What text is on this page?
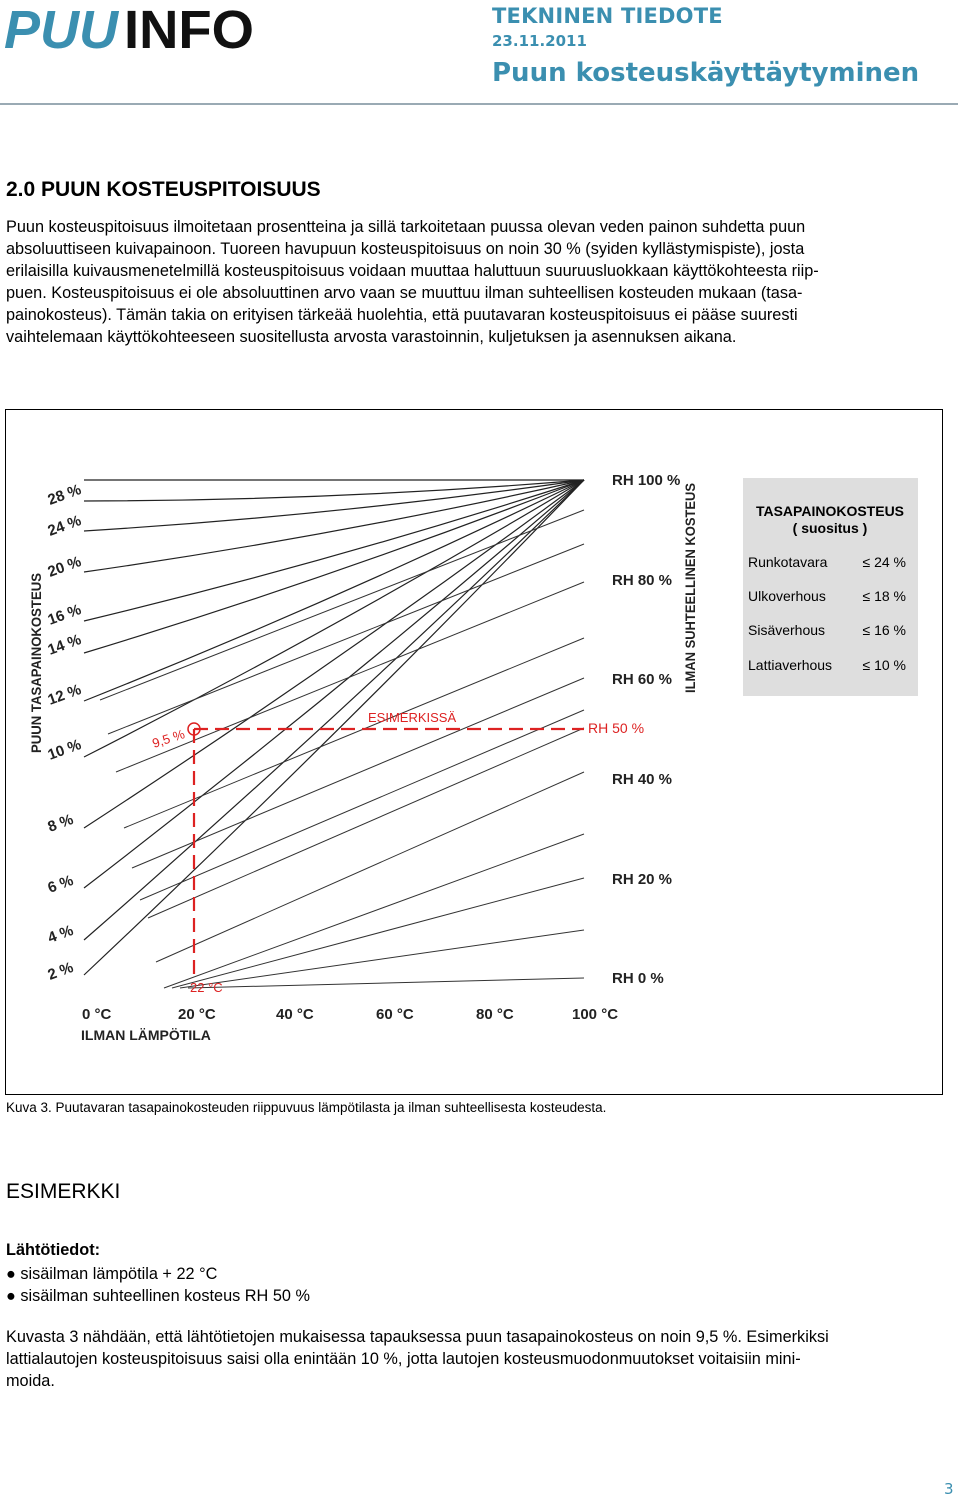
PUU INFO	TEKNINEN TIEDOTE
23.11.2011
Puun kosteuskäyttäytyminen
2.0 PUUN KOSTEUSPITOISUUS

Puun kosteuspitoisuus ilmoitetaan prosentteina ja sillä tarkoitetaan puussa olevan veden painon suhdetta puun
absoluuttiseen kuivapainoon. Tuoreen havupuun kosteuspitoisuus on noin 30 % (syiden kyllästymispiste), josta
erilaisilla kuivausmenetelmillä kosteuspitoisuus voidaan muuttaa haluttuun suuruusluokkaan käyttökohteesta riip-
puen. Kosteuspitoisuus ei ole absoluuttinen arvo vaan se muuttuu ilman suhteellisen kosteuden mukaan (tasa-
painokosteus). Tämän takia on erityisen tärkeää huolehtia, että puutavaran kosteuspitoisuus ei pääse suuresti
vaihtelemaan käyttökohteeseen suositellusta arvosta varastoinnin, kuljetuksen ja asennuksen aikana.

2 %
4 %
6 %
8 %
10 %
12 %
14 %
16 %
20 %
24 %
28 %
0 °C	20 °C	40 °C	60 °C	80 °C	100 °C
RH 100 %
RH 80 %
RH 60 %
RH 40 %
RH 20 %
RH 0 %
PUUN TASAPAINOKOSTEUS
ILMAN LÄMPÖTILA
ILMAN SUHTEELLINEN KOSTEUS
ESIMERKISSÄ
9,5 %
22 °C
RH 50 %
TASAPAINOKOSTEUS
( suositus )
Runkotavara	≤ 24 %
Ulkoverhous	≤ 18 %
Sisäverhous	≤ 16 %
Lattiaverhous ≤ 10 %
Kuva 3. Puutavaran tasapainokosteuden riippuvuus lämpötilasta ja ilman suhteellisesta kosteudesta.
ESIMERKKI
Lähtötiedot:
● sisäilman lämpötila + 22 °C
● sisäilman suhteellinen kosteus RH 50 %

Kuvasta 3 nähdään, että lähtötietojen mukaisessa tapauksessa puun tasapainokosteus on noin 9,5 %. Esimerkiksi
lattialautojen kosteuspitoisuus saisi olla enintään 10 %, jotta lautojen kosteusmuodonmuutokset voitaisiin mini-
moida.

3
